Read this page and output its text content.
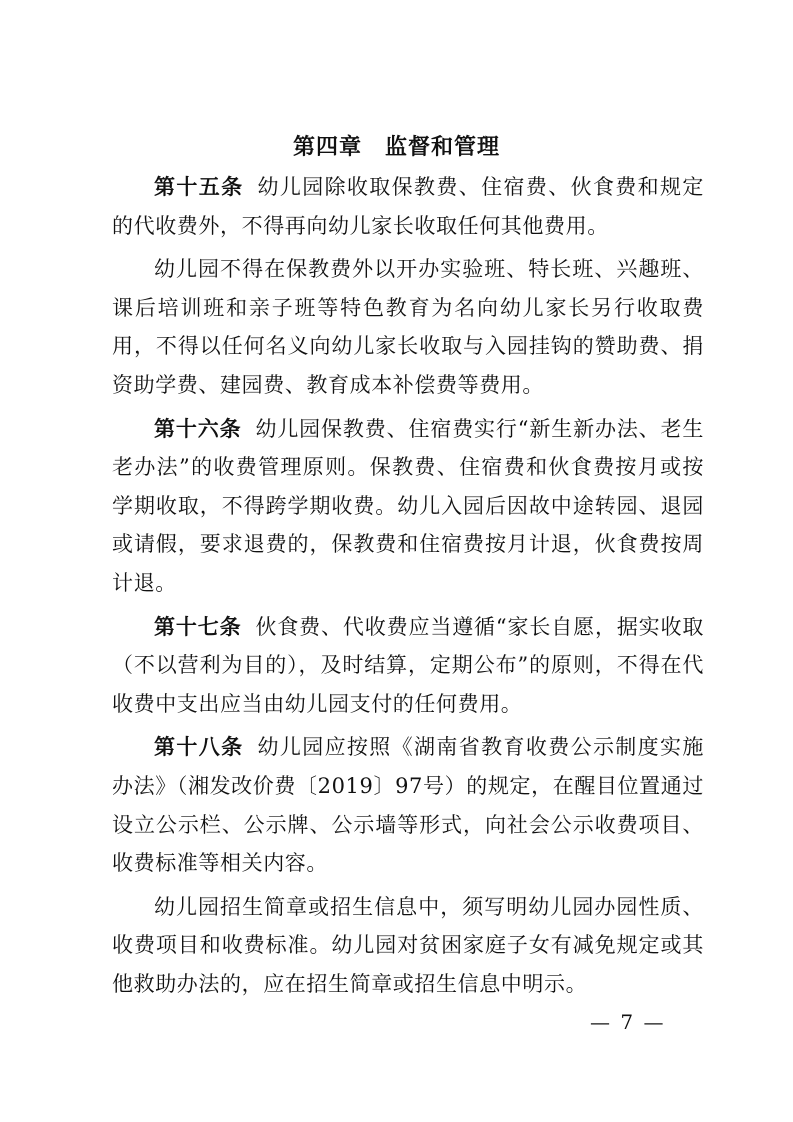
第四章　监督和管理

第十五条 幼儿园除收取保教费、住宿费、伙食费和规定的代收费外，不得再向幼儿家长收取任何其他费用。

幼儿园不得在保教费外以开办实验班、特长班、兴趣班、课后培训班和亲子班等特色教育为名向幼儿家长另行收取费用，不得以任何名义向幼儿家长收取与入园挂钩的赞助费、捐资助学费、建园费、教育成本补偿费等费用。

第十六条 幼儿园保教费、住宿费实行“新生新办法、老生老办法”的收费管理原则。保教费、住宿费和伙食费按月或按学期收取，不得跨学期收费。幼儿入园后因故中途转园、退园或请假，要求退费的，保教费和住宿费按月计退，伙食费按周计退。

第十七条 伙食费、代收费应当遵循“家长自愿，据实收取（不以营利为目的），及时结算，定期公布”的原则，不得在代收费中支出应当由幼儿园支付的任何费用。

第十八条 幼儿园应按照《湖南省教育收费公示制度实施办法》（湘发改价费〔2019〕97号）的规定，在醒目位置通过设立公示栏、公示牌、公示墙等形式，向社会公示收费项目、收费标准等相关内容。

幼儿园招生简章或招生信息中，须写明幼儿园办园性质、收费项目和收费标准。幼儿园对贫困家庭子女有减免规定或其他救助办法的，应在招生简章或招生信息中明示。

— 7 —
